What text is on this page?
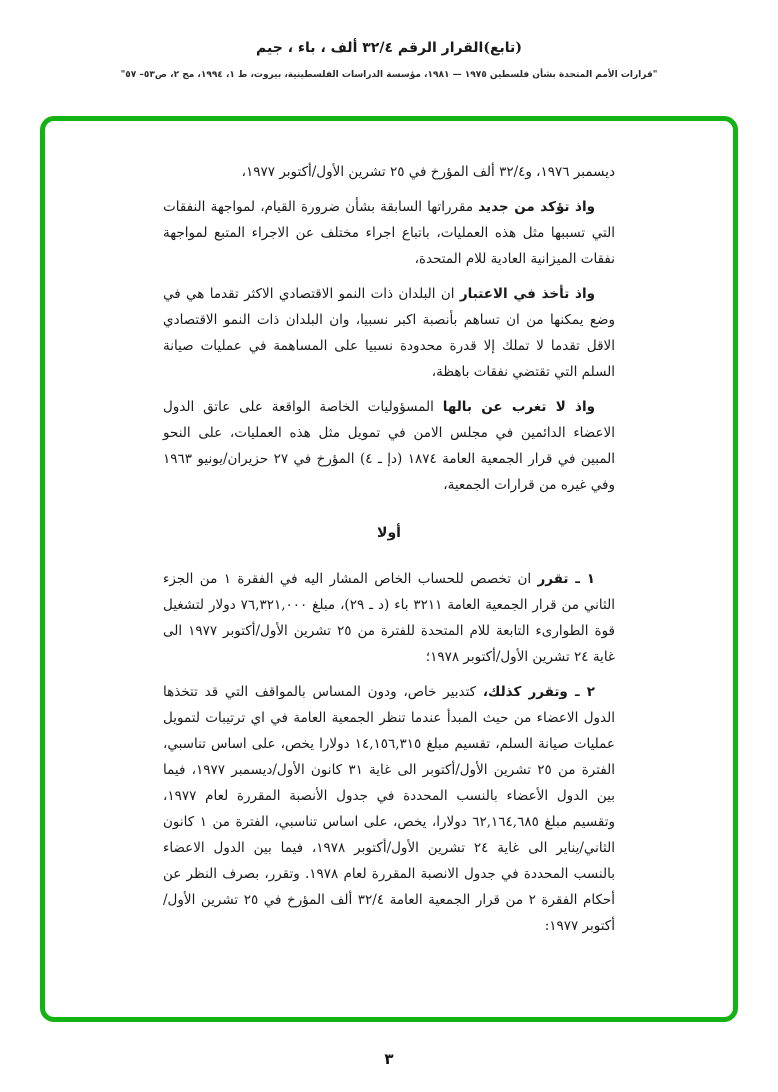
(تابع)القرار الرقم ٣٢/٤ ألف ، باء ، جيم
"قرارات الأمم المتحدة بشأن فلسطين ١٩٧٥ — ١٩٨١، مؤسسة الدراسات الفلسطينية، بيروت، ط ١، ١٩٩٤، مج ٢، ص٥٣– ٥٧"

ديسمبر ١٩٧٦، و٣٢/٤ ألف المؤرخ في ٢٥ تشرين الأول/أكتوبر ١٩٧٧،

واذ تؤكد من جديد مقرراتها السابقة بشأن ضرورة القيام، لمواجهة النفقات التي تسببها مثل هذه العمليات، باتباع اجراء مختلف عن الاجراء المتبع لمواجهة نفقات الميزانية العادية للام المتحدة،

واذ تأخذ في الاعتبار ان البلدان ذات النمو الاقتصادي الاكثر تقدما هي في وضع يمكنها من ان تساهم بأنصبة اكبر نسبيا، وان البلدان ذات النمو الاقتصادي الاقل تقدما لا تملك إلا قدرة محدودة نسبيا على المساهمة في عمليات صيانة السلم التي تقتضي نفقات باهظة،

واذ لا تغرب عن بالها المسؤوليات الخاصة الواقعة على عاتق الدول الاعضاء الدائمين في مجلس الامن في تمويل مثل هذه العمليات، على النحو المبين في قرار الجمعية العامة ١٨٧٤ (دإ ـ ٤) المؤرخ في ٢٧ حزيران/يونيو ١٩٦٣ وفي غيره من قرارات الجمعية،

أولا

١ ـ تقرر ان تخصص للحساب الخاص المشار اليه في الفقرة ١ من الجزء الثاني من قرار الجمعية العامة ٣٢١١ باء (د ـ ٢٩)، مبلغ ٧٦,٣٢١,٠٠٠ دولار لتشغيل قوة الطوارىء التابعة للام المتحدة للفترة من ٢٥ تشرين الأول/أكتوبر ١٩٧٧ الى غاية ٢٤ تشرين الأول/أكتوبر ١٩٧٨؛

٢ ـ وتقرر كذلك، كتدبير خاص، ودون المساس بالمواقف التي قد تتخذها الدول الاعضاء من حيث المبدأ عندما تنظر الجمعية العامة في اي ترتيبات لتمويل عمليات صيانة السلم، تقسيم مبلغ ١٤,١٥٦,٣١٥ دولارا يخص، على اساس تناسبي، الفترة من ٢٥ تشرين الأول/أكتوبر الى غاية ٣١ كانون الأول/ديسمبر ١٩٧٧، فيما بين الدول الأعضاء بالنسب المحددة في جدول الأنصبة المقررة لعام ١٩٧٧، وتقسيم مبلغ ٦٢,١٦٤,٦٨٥ دولارا، يخص، على اساس تناسبي، الفترة من ١ كانون الثاني/يناير الى غاية ٢٤ تشرين الأول/أكتوبر ١٩٧٨، فيما بين الدول الاعضاء بالنسب المحددة في جدول الانصبة المقررة لعام ١٩٧٨. وتقرر، بصرف النظر عن أحكام الفقرة ٢ من قرار الجمعية العامة ٣٢/٤ ألف المؤرخ في ٢٥ تشرين الأول/أكتوبر ١٩٧٧:

٣
